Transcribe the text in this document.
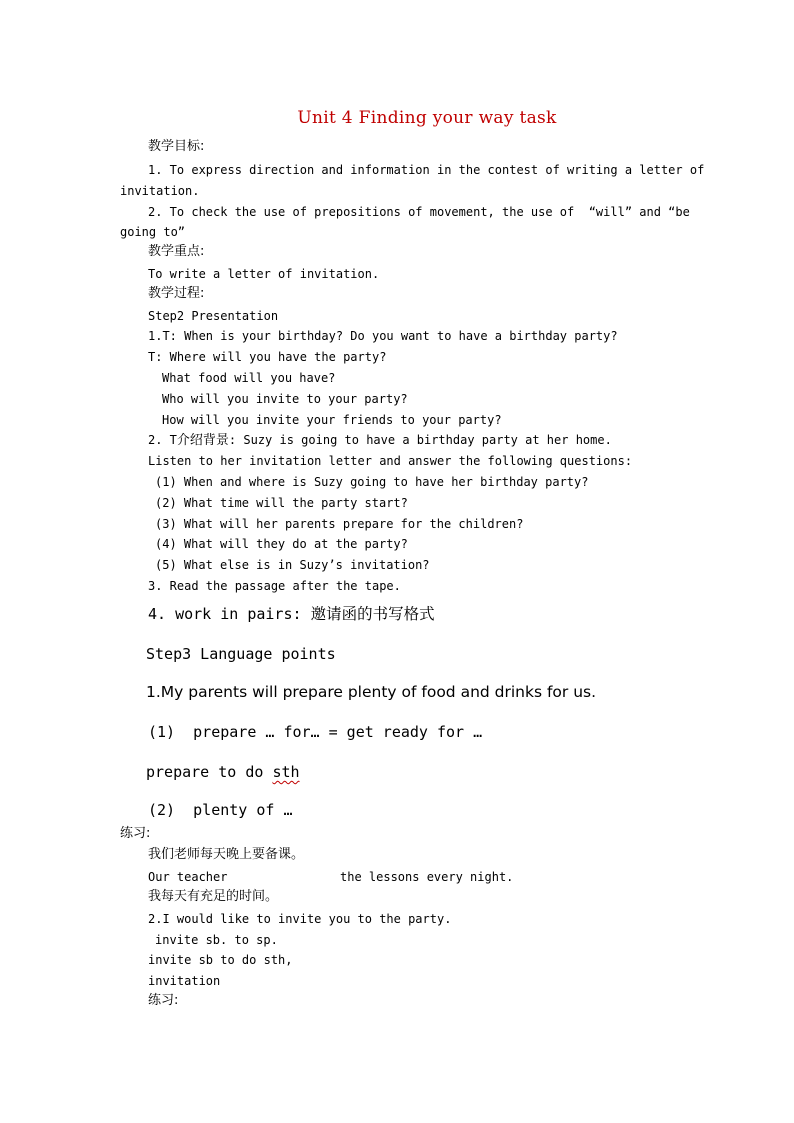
Unit 4 Finding your way task
教学目标:
1. To express direction and information in the contest of writing a letter of
invitation.
2. To check the use of prepositions of movement, the use of  “will” and “be
going to”
教学重点:
To write a letter of invitation.
教学过程:
Step2 Presentation
1.T: When is your birthday? Do you want to have a birthday party?
T: Where will you have the party?
What food will you have?
Who will you invite to your party?
How will you invite your friends to your party?
2. T介绍背景: Suzy is going to have a birthday party at her home.
Listen to her invitation letter and answer the following questions:
(1) When and where is Suzy going to have her birthday party?
(2) What time will the party start?
(3) What will her parents prepare for the children?
(4) What will they do at the party?
(5) What else is in Suzy’s invitation?
3. Read the passage after the tape.
4. work in pairs: 邀请函的书写格式
Step3 Language points
1.My parents will prepare plenty of food and drinks for us.
(1)  prepare … for… = get ready for …
prepare to do sth
(2)  plenty of …
练习:
我们老师每天晚上要备课。
Our teacher	the lessons every night.
我每天有充足的时间。
2.I would like to invite you to the party.
invite sb. to sp.
invite sb to do sth,
invitation
练习:
